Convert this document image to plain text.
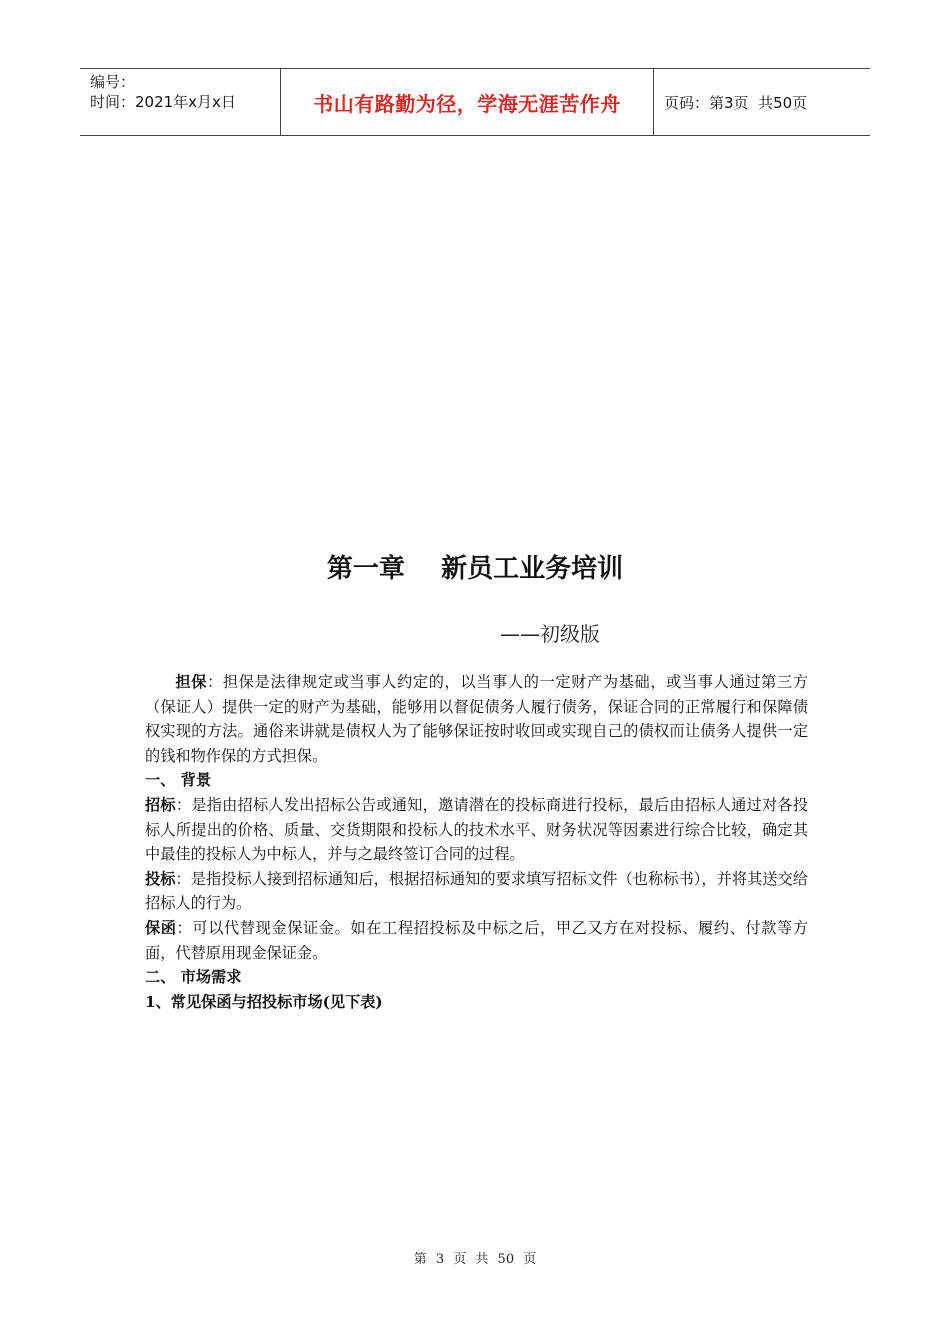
编号：
时间：2021年x月x日	书山有路勤为径，学海无涯苦作舟	页码：第3页  共50页
第一章    新员工业务培训
——初级版

担保：担保是法律规定或当事人约定的，以当事人的一定财产为基础，或当事人通过第三方（保证人）提供一定的财产为基础，能够用以督促债务人履行债务，保证合同的正常履行和保障债权实现的方法。通俗来讲就是债权人为了能够保证按时收回或实现自己的债权而让债务人提供一定的钱和物作保的方式担保。

一、 背景

招标：是指由招标人发出招标公告或通知，邀请潜在的投标商进行投标，最后由招标人通过对各投标人所提出的价格、质量、交货期限和投标人的技术水平、财务状况等因素进行综合比较，确定其中最佳的投标人为中标人，并与之最终签订合同的过程。

投标：是指投标人接到招标通知后，根据招标通知的要求填写招标文件（也称标书），并将其送交给招标人的行为。

保函：可以代替现金保证金。如在工程招投标及中标之后，甲乙又方在对投标、履约、付款等方面，代替原用现金保证金。

二、 市场需求

1、常见保函与招投标市场(见下表)

第 3 页 共 50 页
